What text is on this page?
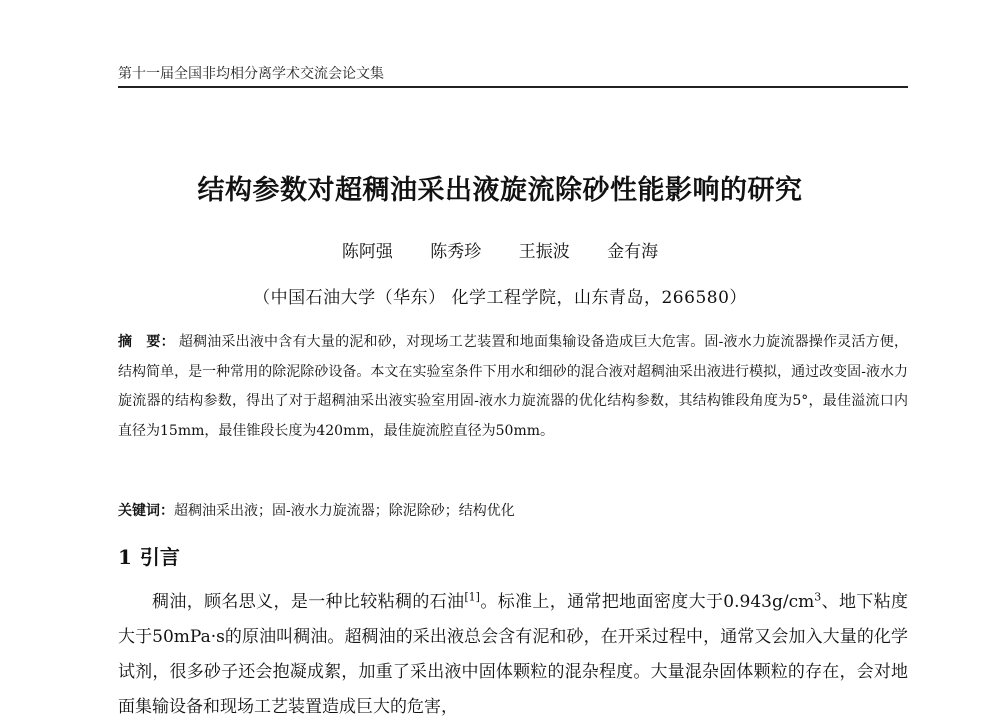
第十一届全国非均相分离学术交流会论文集
结构参数对超稠油采出液旋流除砂性能影响的研究
陈阿强 陈秀珍 王振波 金有海
（中国石油大学（华东） 化学工程学院，山东青岛，266580）
摘　要： 超稠油采出液中含有大量的泥和砂，对现场工艺装置和地面集输设备造成巨大危害。固-液水力旋流器操作灵活方便，结构简单，是一种常用的除泥除砂设备。本文在实验室条件下用水和细砂的混合液对超稠油采出液进行模拟，通过改变固-液水力旋流器的结构参数，得出了对于超稠油采出液实验室用固-液水力旋流器的优化结构参数，其结构锥段角度为5°，最佳溢流口内直径为15mm，最佳锥段长度为420mm，最佳旋流腔直径为50mm。
关键词：超稠油采出液；固-液水力旋流器；除泥除砂；结构优化
1 引言
稠油，顾名思义，是一种比较粘稠的石油[1]。标准上，通常把地面密度大于$0.943g/cm^3$、地下粘度大于50mPa·s的原油叫稠油。超稠油的采出液总会含有泥和砂，在开采过程中，通常又会加入大量的化学试剂，很多砂子还会抱凝成絮，加重了采出液中固体颗粒的混杂程度。大量混杂固体颗粒的存在，会对地面集输设备和现场工艺装置造成巨大的危害，
